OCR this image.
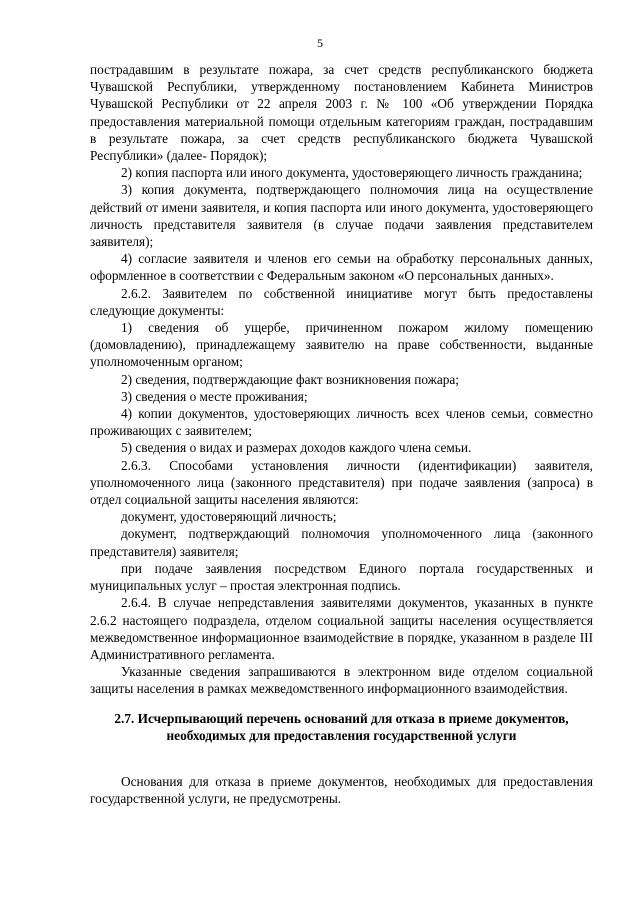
5

пострадавшим в результате пожара, за счет средств республиканского бюджета Чувашской Республики, утвержденному постановлением Кабинета Министров Чувашской Республики от 22 апреля 2003 г. № 100 «Об утверждении Порядка предоставления материальной помощи отдельным категориям граждан, пострадавшим в результате пожара, за счет средств республиканского бюджета Чувашской Республики» (далее- Порядок);

2) копия паспорта или иного документа, удостоверяющего личность гражданина;

3) копия документа, подтверждающего полномочия лица на осуществление действий от имени заявителя, и копия паспорта или иного документа, удостоверяющего личность представителя заявителя (в случае подачи заявления представителем заявителя);

4) согласие заявителя и членов его семьи на обработку персональных данных, оформленное в соответствии с Федеральным законом «О персональных данных».

2.6.2. Заявителем по собственной инициативе могут быть предоставлены следующие документы:

1) сведения об ущербе, причиненном пожаром жилому помещению (домовладению), принадлежащему заявителю на праве собственности, выданные уполномоченным органом;

2) сведения, подтверждающие факт возникновения пожара;

3) сведения о месте проживания;

4) копии документов, удостоверяющих личность всех членов семьи, совместно проживающих с заявителем;

5) сведения о видах и размерах доходов каждого члена семьи.

2.6.3. Способами установления личности (идентификации) заявителя, уполномоченного лица (законного представителя) при подаче заявления (запроса) в отдел социальной защиты населения являются:

документ, удостоверяющий личность;

документ, подтверждающий полномочия уполномоченного лица (законного представителя) заявителя;

при подаче заявления посредством Единого портала государственных и муниципальных услуг – простая электронная подпись.

2.6.4. В случае непредставления заявителями документов, указанных в пункте 2.6.2 настоящего подраздела, отделом социальной защиты населения осуществляется межведомственное информационное взаимодействие в порядке, указанном в разделе III Административного регламента.

Указанные сведения запрашиваются в электронном виде отделом социальной защиты населения в рамках межведомственного информационного взаимодействия.

2.7. Исчерпывающий перечень оснований для отказа в приеме документов, необходимых для предоставления государственной услуги

Основания для отказа в приеме документов, необходимых для предоставления государственной услуги, не предусмотрены.
